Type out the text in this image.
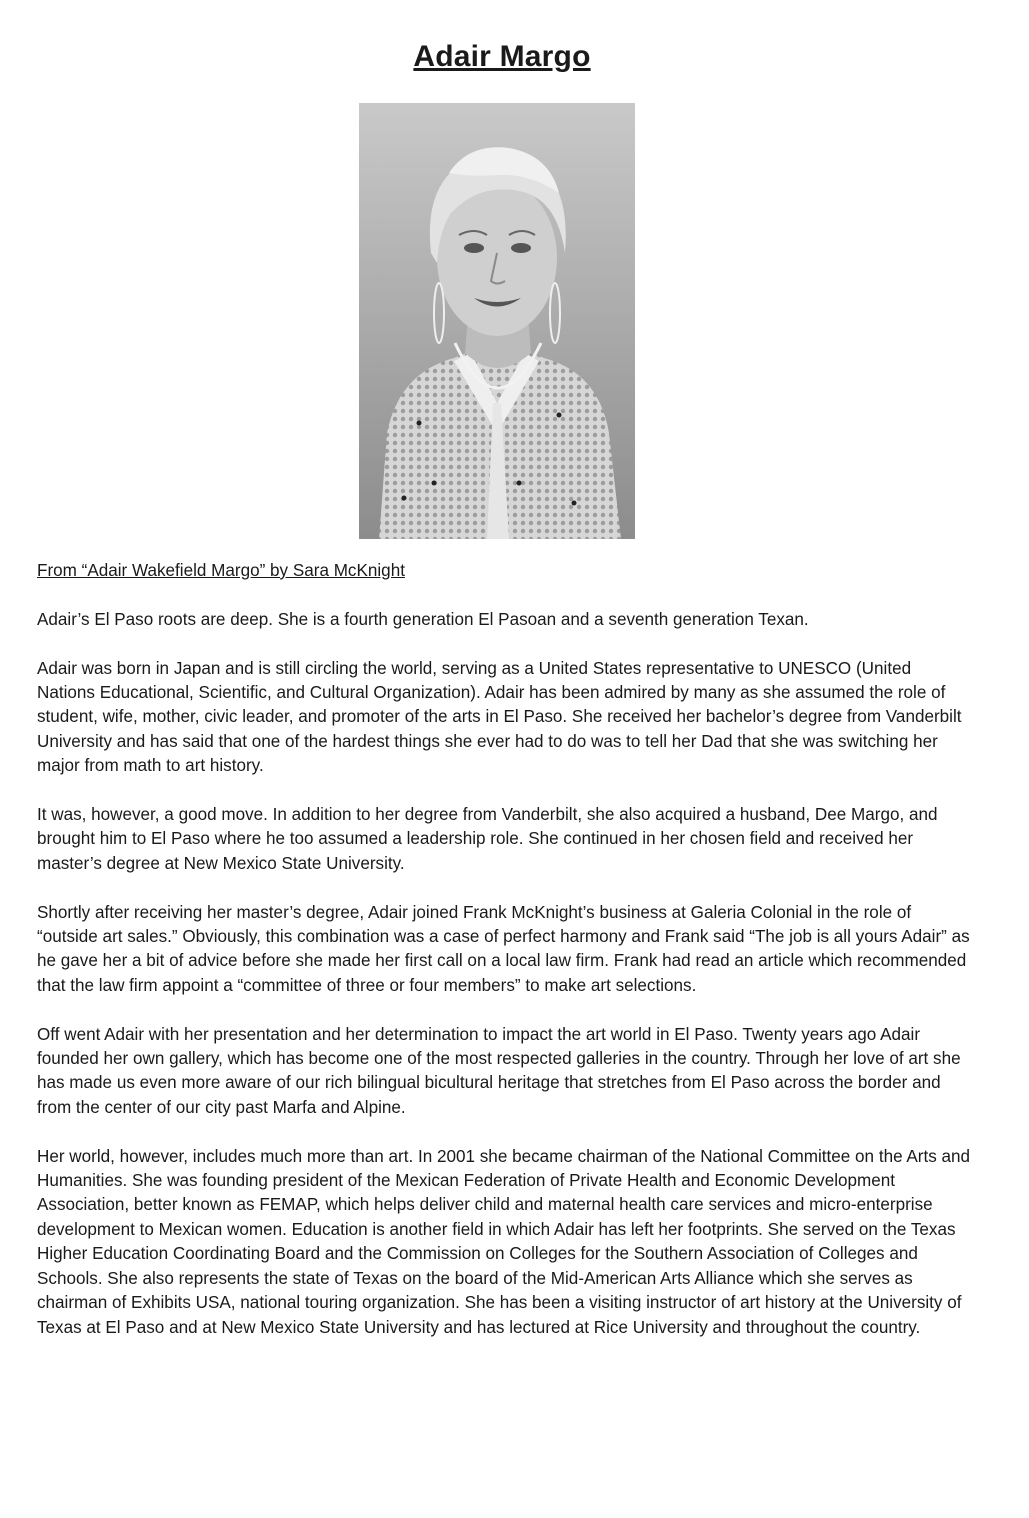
Adair Margo

From “Adair Wakefield Margo” by Sara McKnight

Adair’s El Paso roots are deep. She is a fourth generation El Pasoan and a seventh generation Texan.

Adair was born in Japan and is still circling the world, serving as a United States representative to UNESCO (United Nations Educational, Scientific, and Cultural Organization). Adair has been admired by many as she assumed the role of student, wife, mother, civic leader, and promoter of the arts in El Paso. She received her bachelor’s degree from Vanderbilt University and has said that one of the hardest things she ever had to do was to tell her Dad that she was switching her major from math to art history.

It was, however, a good move. In addition to her degree from Vanderbilt, she also acquired a husband, Dee Margo, and brought him to El Paso where he too assumed a leadership role. She continued in her chosen field and received her master’s degree at New Mexico State University.

Shortly after receiving her master’s degree, Adair joined Frank McKnight’s business at Galeria Colonial in the role of “outside art sales.” Obviously, this combination was a case of perfect harmony and Frank said “The job is all yours Adair” as he gave her a bit of advice before she made her first call on a local law firm. Frank had read an article which recommended that the law firm appoint a “committee of three or four members” to make art selections.

Off went Adair with her presentation and her determination to impact the art world in El Paso. Twenty years ago Adair founded her own gallery, which has become one of the most respected galleries in the country. Through her love of art she has made us even more aware of our rich bilingual bicultural heritage that stretches from El Paso across the border and from the center of our city past Marfa and Alpine.

Her world, however, includes much more than art. In 2001 she became chairman of the National Committee on the Arts and Humanities. She was founding president of the Mexican Federation of Private Health and Economic Development Association, better known as FEMAP, which helps deliver child and maternal health care services and micro-enterprise development to Mexican women. Education is another field in which Adair has left her footprints. She served on the Texas Higher Education Coordinating Board and the Commission on Colleges for the Southern Association of Colleges and Schools. She also represents the state of Texas on the board of the Mid-American Arts Alliance which she serves as chairman of Exhibits USA, national touring organization. She has been a visiting instructor of art history at the University of Texas at El Paso and at New Mexico State University and has lectured at Rice University and throughout the country.
